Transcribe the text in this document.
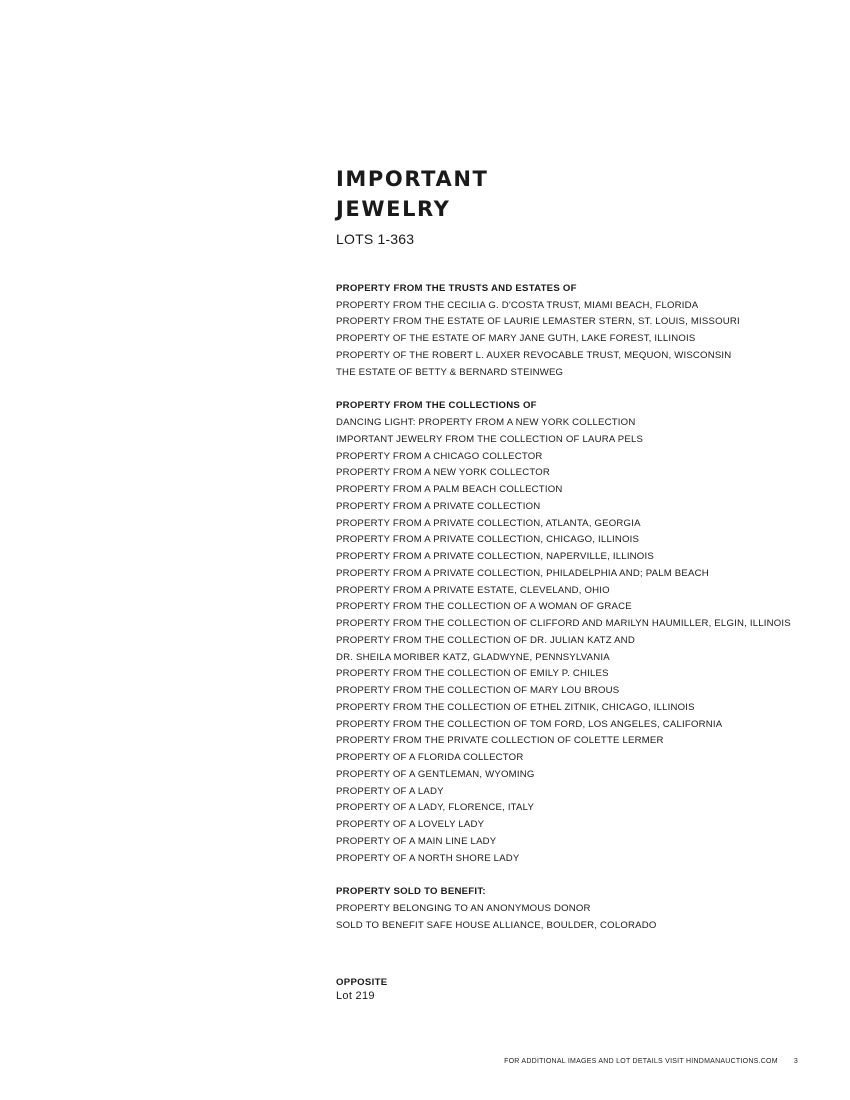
IMPORTANT
JEWELRY
LOTS 1-363
PROPERTY FROM THE TRUSTS AND ESTATES OF
PROPERTY FROM THE CECILIA G. D'COSTA TRUST, MIAMI BEACH, FLORIDA
PROPERTY FROM THE ESTATE OF LAURIE LEMASTER STERN, ST. LOUIS, MISSOURI
PROPERTY OF THE ESTATE OF MARY JANE GUTH, LAKE FOREST, ILLINOIS
PROPERTY OF THE ROBERT L. AUXER REVOCABLE TRUST, MEQUON, WISCONSIN
THE ESTATE OF BETTY & BERNARD STEINWEG
PROPERTY FROM THE COLLECTIONS OF
DANCING LIGHT: PROPERTY FROM A NEW YORK COLLECTION
IMPORTANT JEWELRY FROM THE COLLECTION OF LAURA PELS
PROPERTY FROM A CHICAGO COLLECTOR
PROPERTY FROM A NEW YORK COLLECTOR
PROPERTY FROM A PALM BEACH COLLECTION
PROPERTY FROM A PRIVATE COLLECTION
PROPERTY FROM A PRIVATE COLLECTION, ATLANTA, GEORGIA
PROPERTY FROM A PRIVATE COLLECTION, CHICAGO, ILLINOIS
PROPERTY FROM A PRIVATE COLLECTION, NAPERVILLE, ILLINOIS
PROPERTY FROM A PRIVATE COLLECTION, PHILADELPHIA AND; PALM BEACH
PROPERTY FROM A PRIVATE ESTATE, CLEVELAND, OHIO
PROPERTY FROM THE COLLECTION OF A WOMAN OF GRACE
PROPERTY FROM THE COLLECTION OF CLIFFORD AND MARILYN HAUMILLER, ELGIN, ILLINOIS
PROPERTY FROM THE COLLECTION OF DR. JULIAN KATZ AND
DR. SHEILA MORIBER KATZ, GLADWYNE, PENNSYLVANIA
PROPERTY FROM THE COLLECTION OF EMILY P. CHILES
PROPERTY FROM THE COLLECTION OF MARY LOU BROUS
PROPERTY FROM THE COLLECTION OF ETHEL ZITNIK, CHICAGO, ILLINOIS
PROPERTY FROM THE COLLECTION OF TOM FORD, LOS ANGELES, CALIFORNIA
PROPERTY FROM THE PRIVATE COLLECTION OF COLETTE LERMER
PROPERTY OF A FLORIDA COLLECTOR
PROPERTY OF A GENTLEMAN, WYOMING
PROPERTY OF A LADY
PROPERTY OF A LADY, FLORENCE, ITALY
PROPERTY OF A LOVELY LADY
PROPERTY OF A MAIN LINE LADY
PROPERTY OF A NORTH SHORE LADY
PROPERTY SOLD TO BENEFIT:
PROPERTY BELONGING TO AN ANONYMOUS DONOR
SOLD TO BENEFIT SAFE HOUSE ALLIANCE, BOULDER, COLORADO
OPPOSITE
Lot 219
FOR ADDITIONAL IMAGES AND LOT DETAILS VISIT HINDMANAUCTIONS.COM 3
